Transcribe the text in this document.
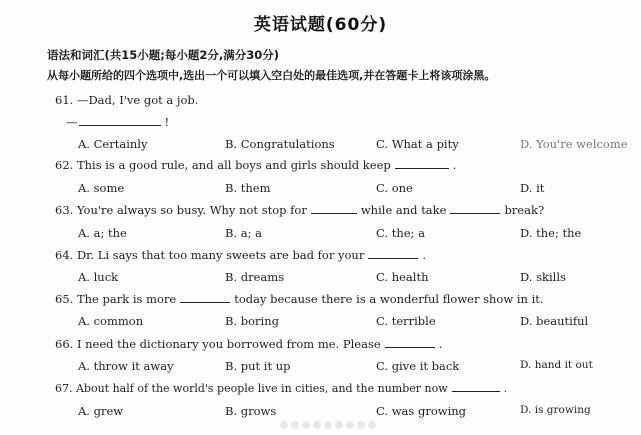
英语试题(60分)
语法和词汇(共15小题;每小题2分,满分30分)
从每小题所给的四个选项中,选出一个可以填入空白处的最佳选项,并在答题卡上将该项涂黑。
61. —Dad, I've got a job.
—	!
A. Certainly	B. Congratulations	C. What a pity	D. You're welcome
62. This is a good rule, and all boys and girls should keep	.
A. some	B. them	C. one	D. it
63. You're always so busy. Why not stop for	while and take	break?
A. a; the	B. a; a	C. the; a	D. the; the
64. Dr. Li says that too many sweets are bad for your	.
A. luck	B. dreams	C. health	D. skills
65. The park is more	today because there is a wonderful flower show in it.
A. common	B. boring	C. terrible	D. beautiful
66. I need the dictionary you borrowed from me. Please	.
A. throw it away	B. put it up	C. give it back	D. hand it out
67. About half of the world's people live in cities, and the number now	.
A. grew	B. grows	C. was growing	D. is growing
